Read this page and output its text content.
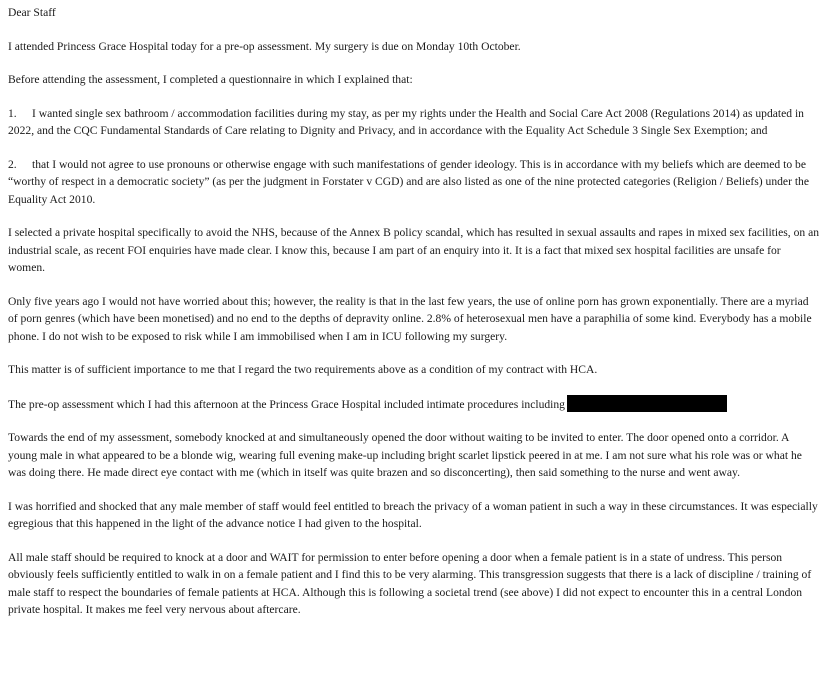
Dear Staff

I attended Princess Grace Hospital today for a pre-op assessment. My surgery is due on Monday 10th October.

Before attending the assessment, I completed a questionnaire in which I explained that:

1. I wanted single sex bathroom / accommodation facilities during my stay, as per my rights under the Health and Social Care Act 2008 (Regulations 2014) as updated in 2022, and the CQC Fundamental Standards of Care relating to Dignity and Privacy, and in accordance with the Equality Act Schedule 3 Single Sex Exemption; and

2. that I would not agree to use pronouns or otherwise engage with such manifestations of gender ideology. This is in accordance with my beliefs which are deemed to be “worthy of respect in a democratic society” (as per the judgment in Forstater v CGD) and are also listed as one of the nine protected categories (Religion / Beliefs) under the Equality Act 2010.

I selected a private hospital specifically to avoid the NHS, because of the Annex B policy scandal, which has resulted in sexual assaults and rapes in mixed sex facilities, on an industrial scale, as recent FOI enquiries have made clear. I know this, because I am part of an enquiry into it. It is a fact that mixed sex hospital facilities are unsafe for women.

Only five years ago I would not have worried about this; however, the reality is that in the last few years, the use of online porn has grown exponentially. There are a myriad of porn genres (which have been monetised) and no end to the depths of depravity online. 2.8% of heterosexual men have a paraphilia of some kind. Everybody has a mobile phone. I do not wish to be exposed to risk while I am immobilised when I am in ICU following my surgery.

This matter is of sufficient importance to me that I regard the two requirements above as a condition of my contract with HCA.

The pre-op assessment which I had this afternoon at the Princess Grace Hospital included intimate procedures including

Towards the end of my assessment, somebody knocked at and simultaneously opened the door without waiting to be invited to enter. The door opened onto a corridor. A young male in what appeared to be a blonde wig, wearing full evening make-up including bright scarlet lipstick peered in at me. I am not sure what his role was or what he was doing there. He made direct eye contact with me (which in itself was quite brazen and so disconcerting), then said something to the nurse and went away.

I was horrified and shocked that any male member of staff would feel entitled to breach the privacy of a woman patient in such a way in these circumstances. It was especially egregious that this happened in the light of the advance notice I had given to the hospital.

All male staff should be required to knock at a door and WAIT for permission to enter before opening a door when a female patient is in a state of undress. This person obviously feels sufficiently entitled to walk in on a female patient and I find this to be very alarming. This transgression suggests that there is a lack of discipline / training of male staff to respect the boundaries of female patients at HCA. Although this is following a societal trend (see above) I did not expect to encounter this in a central London private hospital. It makes me feel very nervous about aftercare.
